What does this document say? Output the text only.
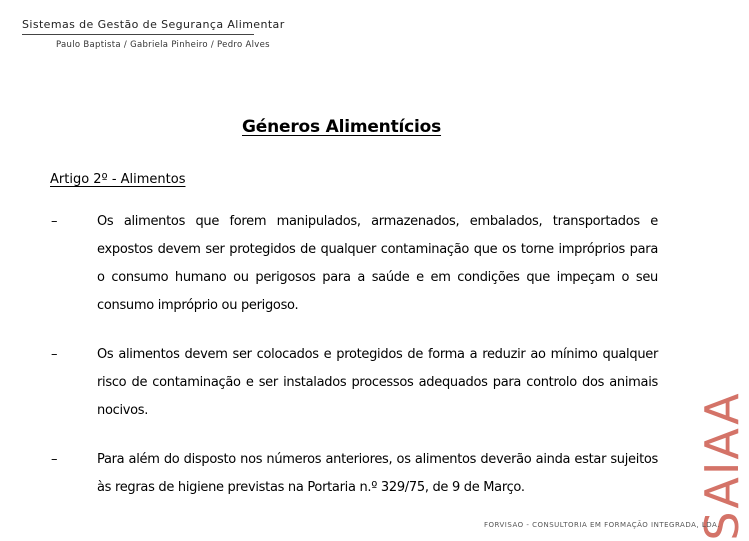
Sistemas de Gestão de Segurança Alimentar
Paulo Baptista / Gabriela Pinheiro / Pedro Alves
Géneros Alimentícios
Artigo 2º - Alimentos
–	Os alimentos que forem manipulados, armazenados, embalados, transportados e expostos devem ser protegidos de qualquer contaminação que os torne impróprios para o consumo humano ou perigosos para a saúde e em condições que impeçam o seu consumo impróprio ou perigoso.
–	Os alimentos devem ser colocados e protegidos de forma a reduzir ao mínimo qualquer risco de contaminação e ser instalados processos adequados para controlo dos animais nocivos.
–	Para além do disposto nos números anteriores, os alimentos deverão ainda estar sujeitos às regras de higiene previstas na Portaria n.º 329/75, de 9 de Março.	SAIAA
FORVISAO - CONSULTORIA EM FORMAÇÃO INTEGRADA, LDA.
